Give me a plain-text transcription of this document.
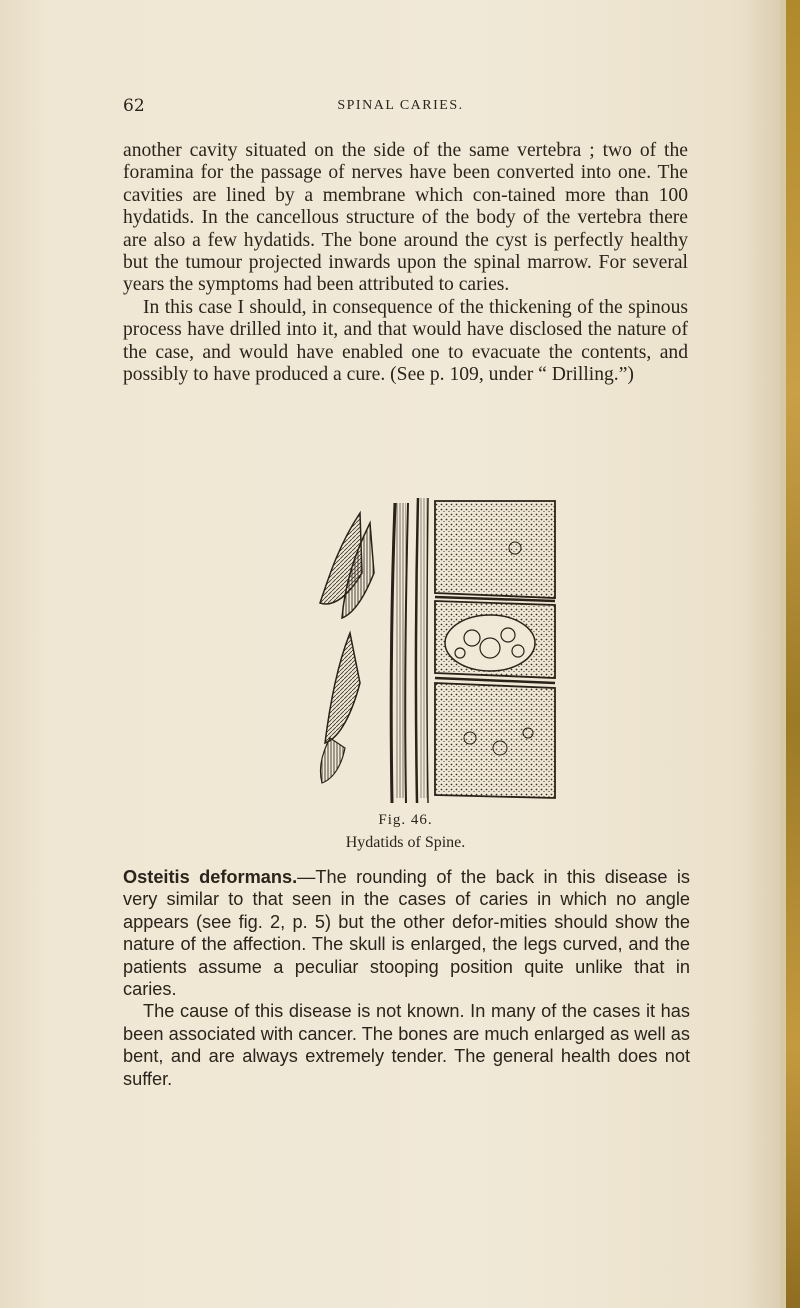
62	SPINAL CARIES.

another cavity situated on the side of the same vertebra ; two of the foramina for the passage of nerves have been converted into one. The cavities are lined by a membrane which con-tained more than 100 hydatids. In the cancellous structure of the body of the vertebra there are also a few hydatids. The bone around the cyst is perfectly healthy but the tumour projected inwards upon the spinal marrow. For several years the symptoms had been attributed to caries.

In this case I should, in consequence of the thickening of the spinous process have drilled into it, and that would have disclosed the nature of the case, and would have enabled one to evacuate the contents, and possibly to have produced a cure. (See p. 109, under “ Drilling.”)

Fig. 46.
Hydatids of Spine.

Osteitis deformans.—The rounding of the back in this disease is very similar to that seen in the cases of caries in which no angle appears (see fig. 2, p. 5) but the other defor-mities should show the nature of the affection. The skull is enlarged, the legs curved, and the patients assume a peculiar stooping position quite unlike that in caries.

The cause of this disease is not known. In many of the cases it has been associated with cancer. The bones are much enlarged as well as bent, and are always extremely tender. The general health does not suffer.
